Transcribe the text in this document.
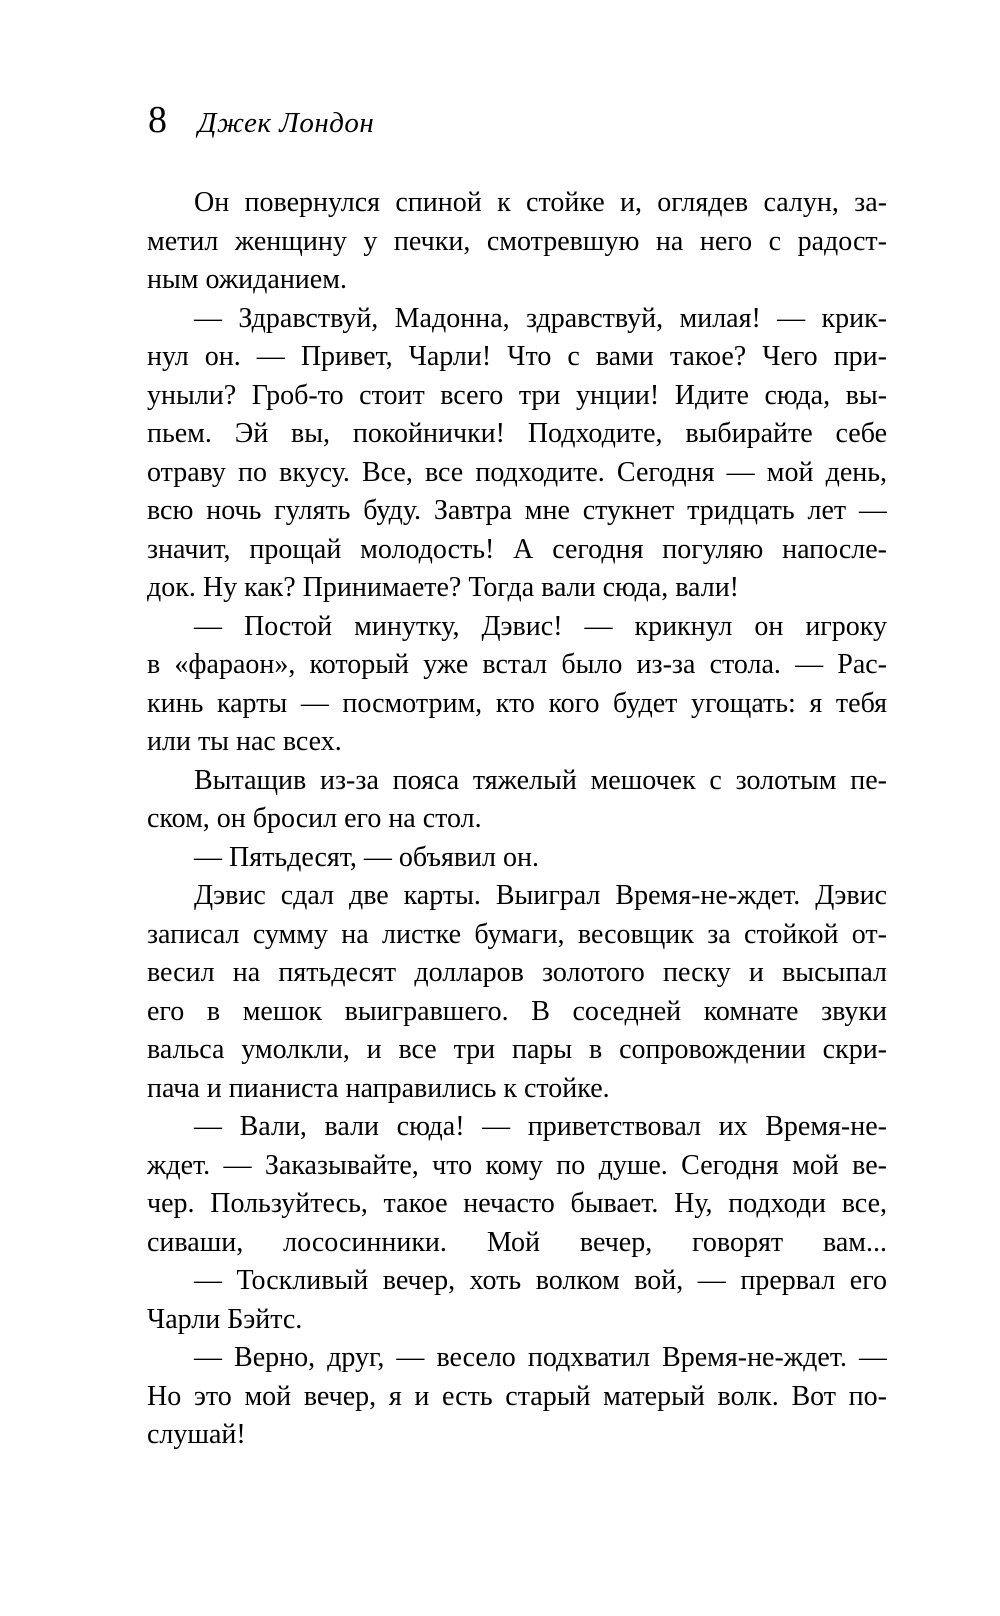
8 Джек Лондон
Он повернулся спиной к стойке и, оглядев салун, за-
метил женщину у печки, смотревшую на него с радост-
ным ожиданием.
— Здравствуй, Мадонна, здравствуй, милая! — крик-
нул он. — Привет, Чарли! Что с вами такое? Чего при-
уныли? Гроб-то стоит всего три унции! Идите сюда, вы-
пьем. Эй вы, покойнички! Подходите, выбирайте себе
отраву по вкусу. Все, все подходите. Сегодня — мой день,
всю ночь гулять буду. Завтра мне стукнет тридцать лет —
значит, прощай молодость! А сегодня погуляю напосле-
док. Ну как? Принимаете? Тогда вали сюда, вали!
— Постой минутку, Дэвис! — крикнул он игроку
в «фараон», который уже встал было из-за стола. — Рас-
кинь карты — посмотрим, кто кого будет угощать: я тебя
или ты нас всех.
Вытащив из-за пояса тяжелый мешочек с золотым пе-
ском, он бросил его на стол.
— Пятьдесят, — объявил он.
Дэвис сдал две карты. Выиграл Время-не-ждет. Дэвис
записал сумму на листке бумаги, весовщик за стойкой от-
весил на пятьдесят долларов золотого песку и высыпал
его в мешок выигравшего. В соседней комнате звуки
вальса умолкли, и все три пары в сопровождении скри-
пача и пианиста направились к стойке.
— Вали, вали сюда! — приветствовал их Время-не-
ждет. — Заказывайте, что кому по душе. Сегодня мой ве-
чер. Пользуйтесь, такое нечасто бывает. Ну, подходи все,
сиваши, лососинники. Мой вечер, говорят вам...
— Тоскливый вечер, хоть волком вой, — прервал его
Чарли Бэйтс.
— Верно, друг, — весело подхватил Время-не-ждет. —
Но это мой вечер, я и есть старый матерый волк. Вот по-
слушай!
